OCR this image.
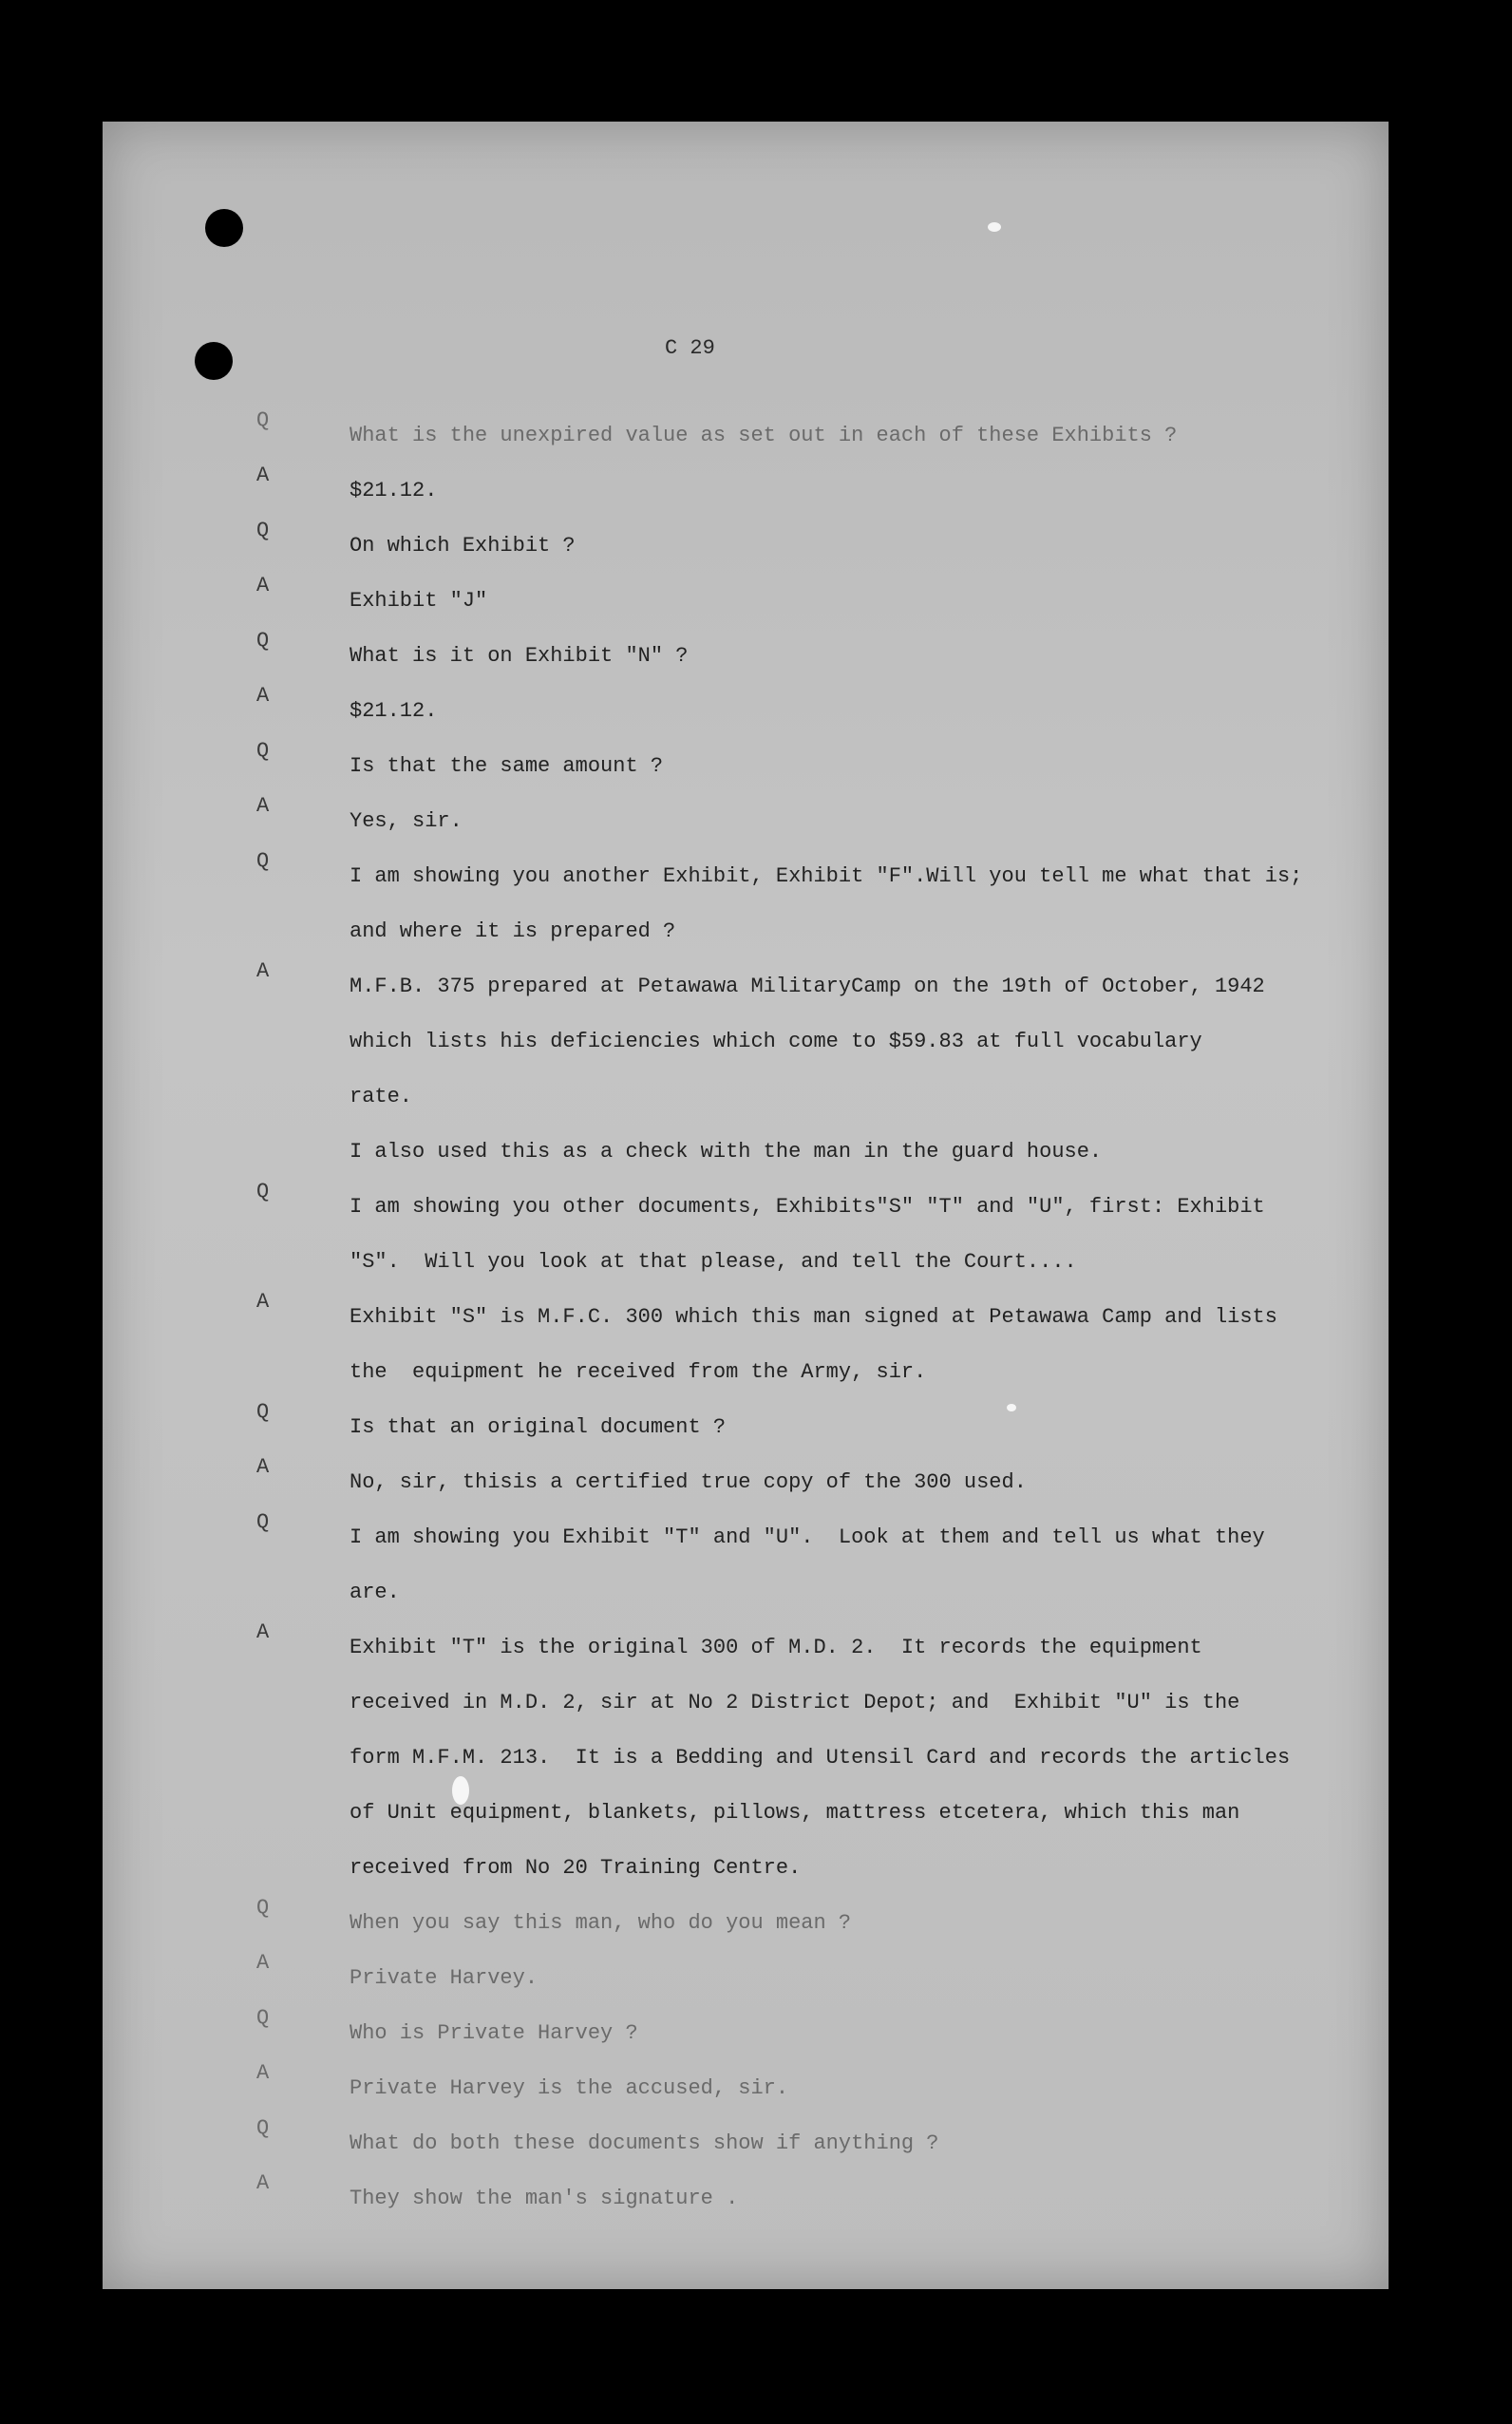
C 29
Q
What is the unexpired value as set out in each of these Exhibits ?
A
$21.12.
Q
On which Exhibit ?
A
Exhibit "J"
Q
What is it on Exhibit "N" ?
A
$21.12.
Q
Is that the same amount ?
A
Yes, sir.
Q
I am showing you another Exhibit, Exhibit "F".Will you tell me what that is;
and where it is prepared ?
A
M.F.B. 375 prepared at Petawawa MilitaryCamp on the 19th of October, 1942
which lists his deficiencies which come to $59.83 at full vocabulary
rate.
I also used this as a check with the man in the guard house.
Q
I am showing you other documents, Exhibits"S" "T" and "U", first: Exhibit
"S".  Will you look at that please, and tell the Court....
A
Exhibit "S" is M.F.C. 300 which this man signed at Petawawa Camp and lists
the  equipment he received from the Army, sir.
Q
Is that an original document ?
A
No, sir, thisis a certified true copy of the 300 used.
Q
I am showing you Exhibit "T" and "U".  Look at them and tell us what they
are.
A
Exhibit "T" is the original 300 of M.D. 2.  It records the equipment
received in M.D. 2, sir at No 2 District Depot; and  Exhibit "U" is the
form M.F.M. 213.  It is a Bedding and Utensil Card and records the articles
of Unit equipment, blankets, pillows, mattress etcetera, which this man
received from No 20 Training Centre.
Q
When you say this man, who do you mean ?
A
Private Harvey.
Q
Who is Private Harvey ?
A
Private Harvey is the accused, sir.
Q
What do both these documents show if anything ?
A
They show the man's signature .
